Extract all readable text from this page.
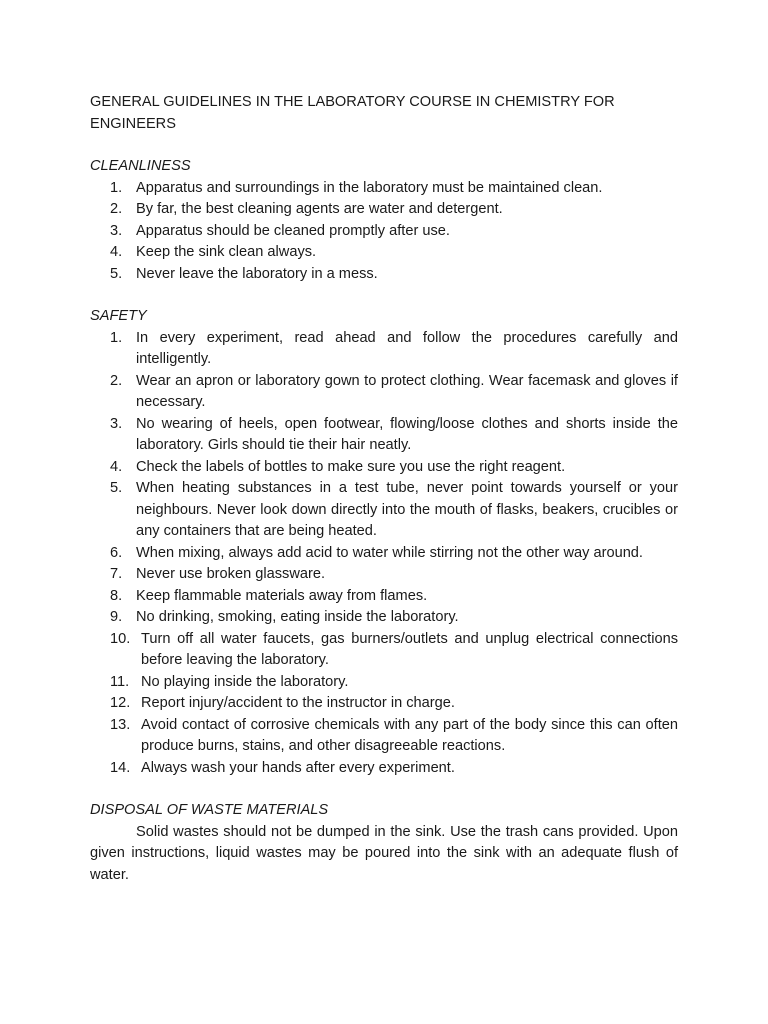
GENERAL GUIDELINES IN THE LABORATORY COURSE IN CHEMISTRY FOR ENGINEERS

CLEANLINESS

1. Apparatus and surroundings in the laboratory must be maintained clean.
2. By far, the best cleaning agents are water and detergent.
3. Apparatus should be cleaned promptly after use.
4. Keep the sink clean always.
5. Never leave the laboratory in a mess.

SAFETY

1. In every experiment, read ahead and follow the procedures carefully and intelligently.
2. Wear an apron or laboratory gown to protect clothing. Wear facemask and gloves if necessary.
3. No wearing of heels, open footwear, flowing/loose clothes and shorts inside the laboratory. Girls should tie their hair neatly.
4. Check the labels of bottles to make sure you use the right reagent.
5. When heating substances in a test tube, never point towards yourself or your neighbours. Never look down directly into the mouth of flasks, beakers, crucibles or any containers that are being heated.
6. When mixing, always add acid to water while stirring not the other way around.
7. Never use broken glassware.
8. Keep flammable materials away from flames.
9. No drinking, smoking, eating inside the laboratory.
10. Turn off all water faucets, gas burners/outlets and unplug electrical connections before leaving the laboratory.
11. No playing inside the laboratory.
12. Report injury/accident to the instructor in charge.
13. Avoid contact of corrosive chemicals with any part of the body since this can often produce burns, stains, and other disagreeable reactions.
14. Always wash your hands after every experiment.

DISPOSAL OF WASTE MATERIALS

Solid wastes should not be dumped in the sink. Use the trash cans provided. Upon given instructions, liquid wastes may be poured into the sink with an adequate flush of water.
